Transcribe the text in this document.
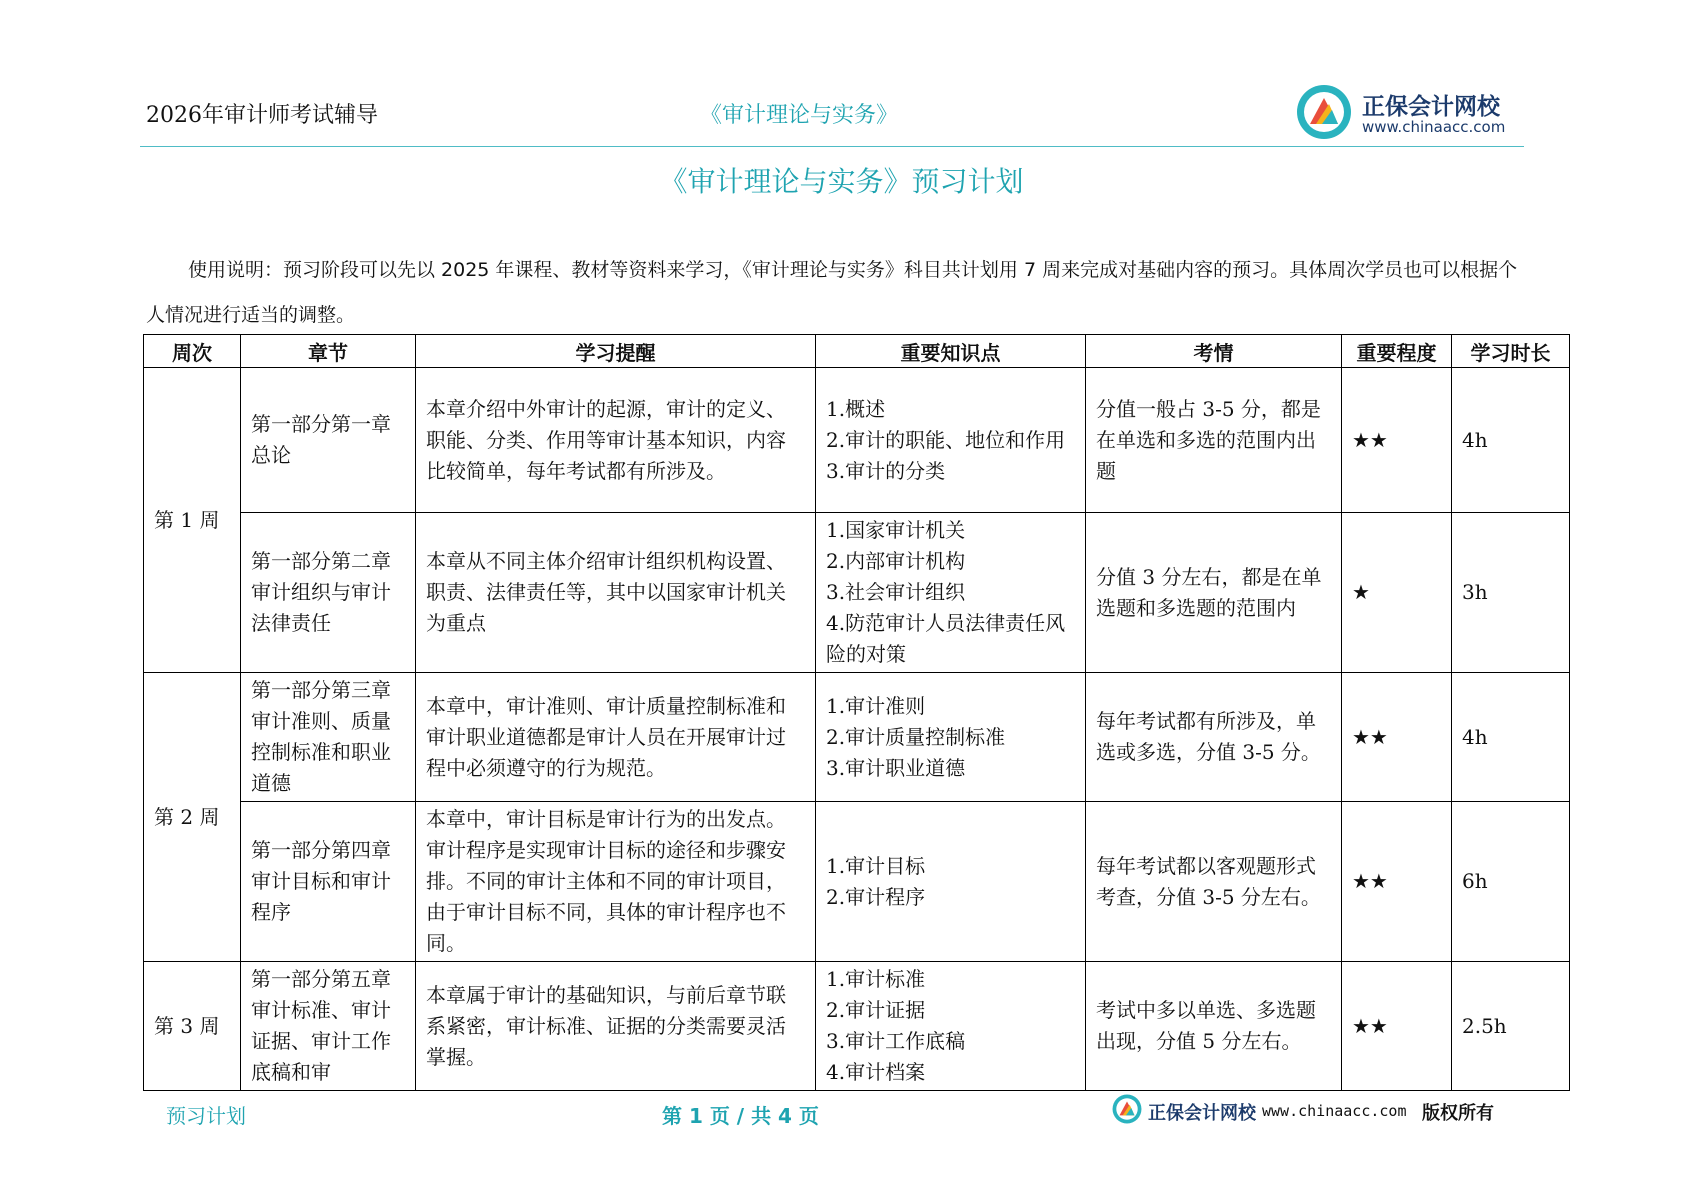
2026年审计师考试辅导	《审计理论与实务》	正保会计网校
www.chinaacc.com
《审计理论与实务》预习计划
使用说明：预习阶段可以先以 2025 年课程、教材等资料来学习，《审计理论与实务》科目共计划用 7 周来完成对基础内容的预习。具体周次学员也可以根据个人情况进行适当的调整。
周次	章节	学习提醒	重要知识点	考情	重要程度	学习时长
第 1 周	第一部分第一章 总论	本章介绍中外审计的起源，审计的定义、职能、分类、作用等审计基本知识，内容比较简单，每年考试都有所涉及。	1.概述
2.审计的职能、地位和作用
3.审计的分类	分值一般占 3-5 分，都是在单选和多选的范围内出题	★★	4h
	第一部分第二章 审计组织与审计法律责任	本章从不同主体介绍审计组织机构设置、职责、法律责任等，其中以国家审计机关为重点	1.国家审计机关
2.内部审计机构
3.社会审计组织
4.防范审计人员法律责任风险的对策	分值 3 分左右，都是在单选题和多选题的范围内	★	3h
第 2 周	第一部分第三章 审计准则、质量控制标准和职业道德	本章中，审计准则、审计质量控制标准和审计职业道德都是审计人员在开展审计过程中必须遵守的行为规范。	1.审计准则
2.审计质量控制标准
3.审计职业道德	每年考试都有所涉及，单选或多选，分值 3-5 分。	★★	4h
	第一部分第四章 审计目标和审计程序	本章中，审计目标是审计行为的出发点。审计程序是实现审计目标的途径和步骤安排。不同的审计主体和不同的审计项目，由于审计目标不同，具体的审计程序也不同。	1.审计目标
2.审计程序	每年考试都以客观题形式考查，分值 3-5 分左右。	★★	6h
第 3 周	第一部分第五章 审计标准、审计证据、审计工作底稿和审	本章属于审计的基础知识，与前后章节联系紧密，审计标准、证据的分类需要灵活掌握。	1.审计标准
2.审计证据
3.审计工作底稿
4.审计档案	考试中多以单选、多选题出现，分值 5 分左右。	★★	2.5h
预习计划	第 1 页 / 共 4 页	正保会计网校 www.chinaacc.com 版权所有
